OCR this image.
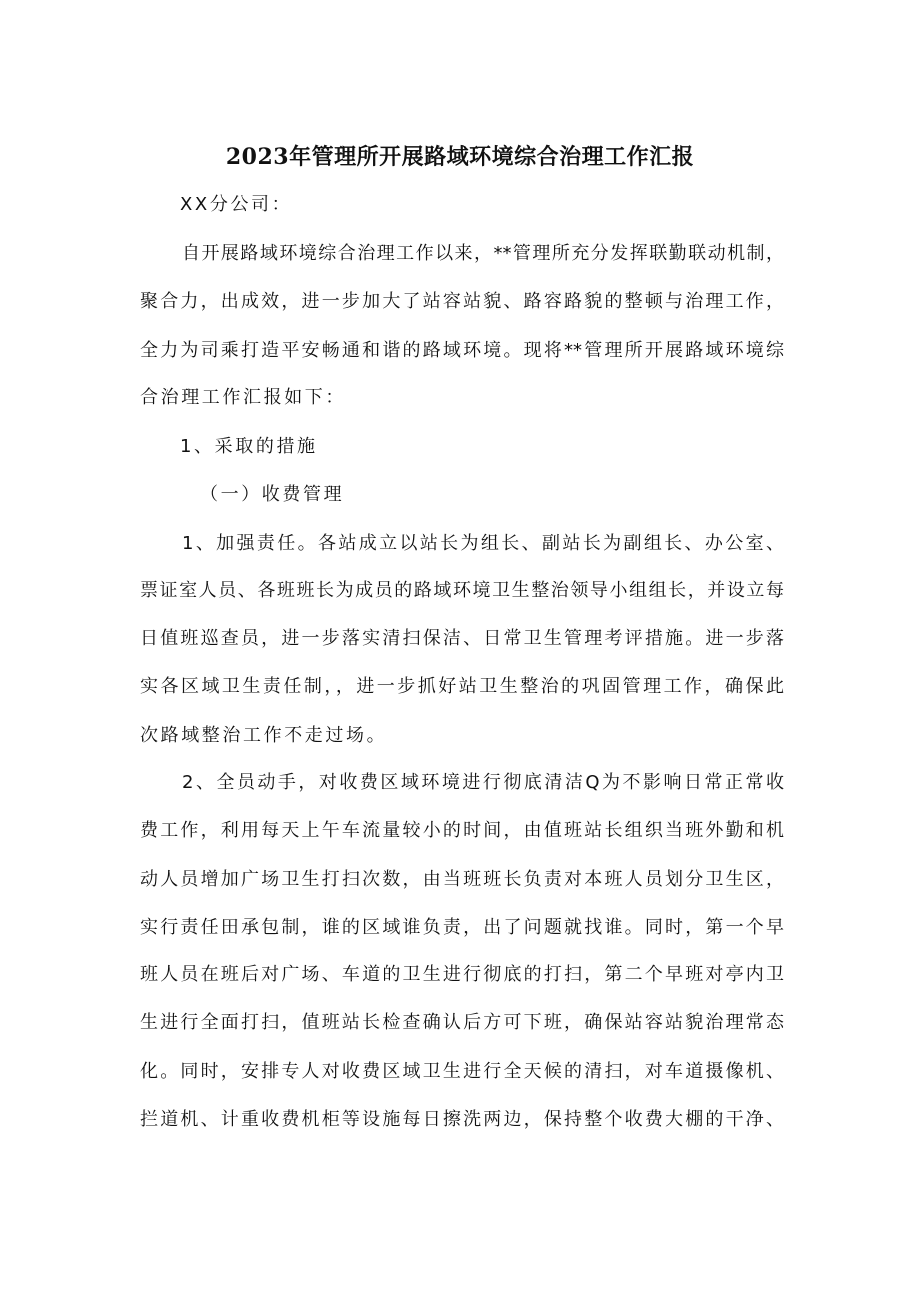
2023年管理所开展路域环境综合治理工作汇报
XX分公司：
自开展路域环境综合治理工作以来，**管理所充分发挥联勤联动机制，
聚合力，出成效，进一步加大了站容站貌、路容路貌的整顿与治理工作，
全力为司乘打造平安畅通和谐的路域环境。现将**管理所开展路域环境综
合治理工作汇报如下：
1、采取的措施
（一）收费管理
1、加强责任。各站成立以站长为组长、副站长为副组长、办公室、
票证室人员、各班班长为成员的路域环境卫生整治领导小组组长，并设立每
日值班巡查员，进一步落实清扫保洁、日常卫生管理考评措施。进一步落
实各区域卫生责任制，，进一步抓好站卫生整治的巩固管理工作，确保此
次路域整治工作不走过场。
2、全员动手，对收费区域环境进行彻底清洁Q为不影响日常正常收
费工作，利用每天上午车流量较小的时间，由值班站长组织当班外勤和机
动人员增加广场卫生打扫次数，由当班班长负责对本班人员划分卫生区，
实行责任田承包制，谁的区域谁负责，出了问题就找谁。同时，第一个早
班人员在班后对广场、车道的卫生进行彻底的打扫，第二个早班对亭内卫
生进行全面打扫，值班站长检查确认后方可下班，确保站容站貌治理常态
化。同时，安排专人对收费区域卫生进行全天候的清扫，对车道摄像机、
拦道机、计重收费机柜等设施每日擦洗两边，保持整个收费大棚的干净、
